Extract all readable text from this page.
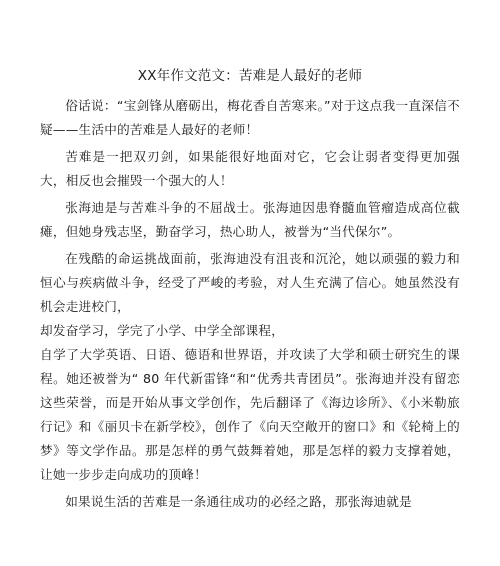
XX年作文范文：苦难是人最好的老师

俗话说：“宝剑锋从磨砺出，梅花香自苦寒来。”对于这点我一直深信不疑——生活中的苦难是人最好的老师！

苦难是一把双刃剑，如果能很好地面对它，它会让弱者变得更加强大，相反也会摧毁一个强大的人！

张海迪是与苦难斗争的不屈战士。张海迪因患脊髓血管瘤造成高位截瘫，但她身残志坚，勤奋学习，热心助人，被誉为“当代保尔”。

在残酷的命运挑战面前，张海迪没有沮丧和沉沦，她以顽强的毅力和恒心与疾病做斗争，经受了严峻的考验，对人生充满了信心。她虽然没有机会走进校门，

却发奋学习，学完了小学、中学全部课程，

自学了大学英语、日语、德语和世界语，并攻读了大学和硕士研究生的课程。她还被誉为“ 80 年代新雷锋“和“优秀共青团员”。张海迪并没有留恋这些荣誉，而是开始从事文学创作，先后翻译了《海边诊所》、《小米勒旅行记》和《丽贝卡在新学校》，创作了《向天空敞开的窗口》和《轮椅上的梦》等文学作品。那是怎样的勇气鼓舞着她，那是怎样的毅力支撑着她，让她一步步走向成功的顶峰！

如果说生活的苦难是一条通往成功的必经之路，那张海迪就是
